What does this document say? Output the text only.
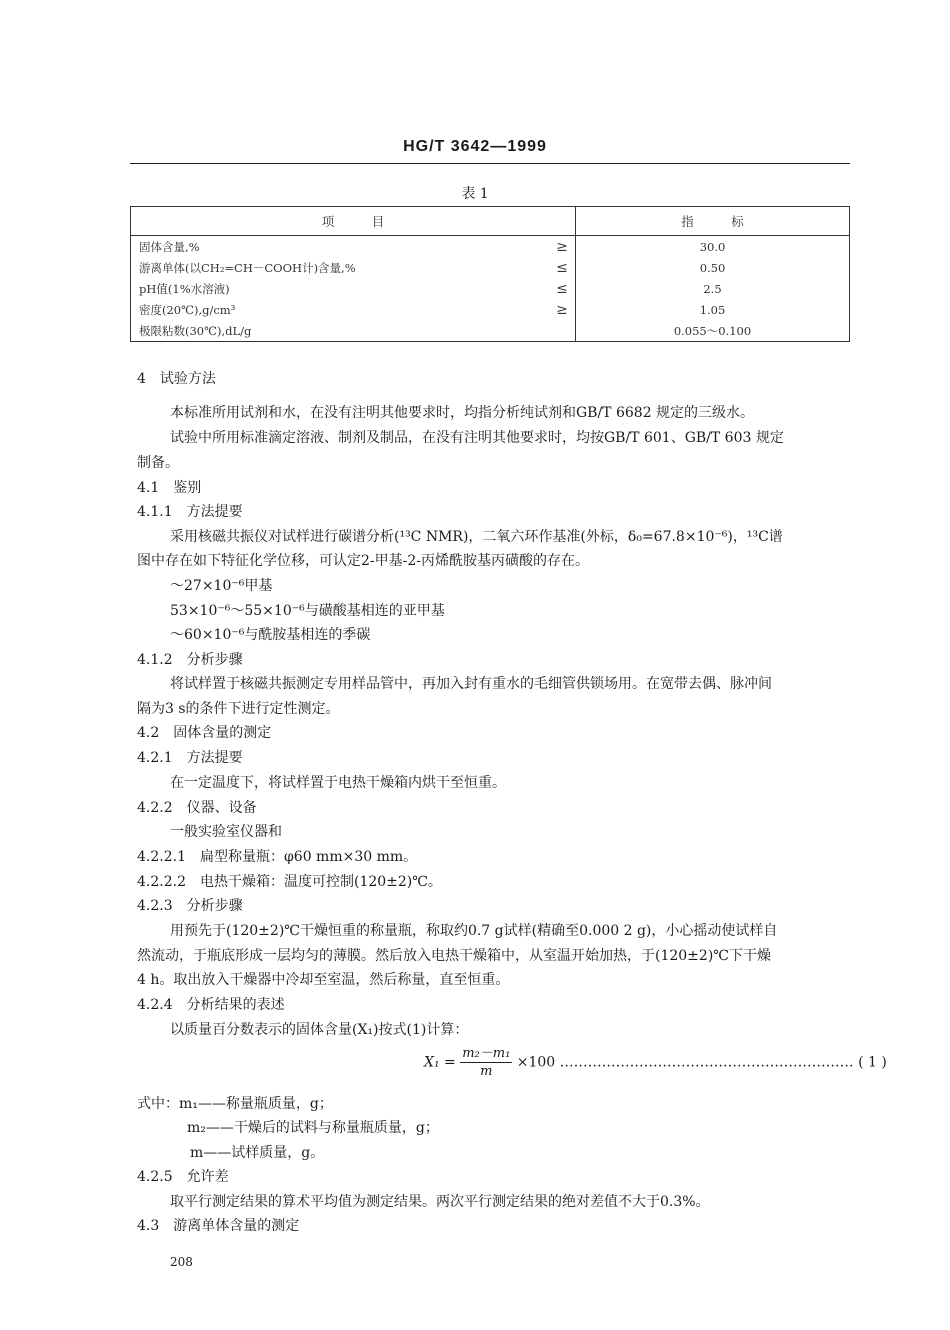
HG/T 3642—1999
表 1
项　　　目		指　　　标
固体含量,%	≥	30.0
游离单体(以CH₂=CH－COOH计)含量,%	≤	0.50
pH值(1%水溶液)	≤	2.5
密度(20℃),g/cm³	≥	1.05
极限粘数(30℃),dL/g		0.055～0.100
4　试验方法
本标准所用试剂和水，在没有注明其他要求时，均指分析纯试剂和GB/T 6682 规定的三级水。
试验中所用标准滴定溶液、制剂及制品，在没有注明其他要求时，均按GB/T 601、GB/T 603 规定
制备。
4.1　鉴别
4.1.1　方法提要
采用核磁共振仪对试样进行碳谱分析(¹³C NMR)，二氧六环作基准(外标，δ₀=67.8×10⁻⁶)，¹³C谱
图中存在如下特征化学位移，可认定2-甲基-2-丙烯酰胺基丙磺酸的存在。
～27×10⁻⁶甲基
53×10⁻⁶～55×10⁻⁶与磺酸基相连的亚甲基
～60×10⁻⁶与酰胺基相连的季碳
4.1.2　分析步骤
将试样置于核磁共振测定专用样品管中，再加入封有重水的毛细管供锁场用。在宽带去偶、脉冲间
隔为3 s的条件下进行定性测定。
4.2　固体含量的测定
4.2.1　方法提要
在一定温度下，将试样置于电热干燥箱内烘干至恒重。
4.2.2　仪器、设备
一般实验室仪器和
4.2.2.1　扁型称量瓶：φ60 mm×30 mm。
4.2.2.2　电热干燥箱：温度可控制(120±2)℃。
4.2.3　分析步骤
用预先于(120±2)℃干燥恒重的称量瓶，称取约0.7 g试样(精确至0.000 2 g)，小心摇动使试样自
然流动，于瓶底形成一层均匀的薄膜。然后放入电热干燥箱中，从室温开始加热，于(120±2)℃下干燥
4 h。取出放入干燥器中冷却至室温，然后称量，直至恒重。
4.2.4　分析结果的表述
以质量百分数表示的固体含量(X₁)按式(1)计算：
$X_1 = \frac{\text{m₂－m₁}}{m} \times 100$ ……………………………………………………… ( 1 )
式中：m₁——称量瓶质量，g；
m₂——干燥后的试料与称量瓶质量，g；
m——试样质量，g。
4.2.5　允许差
取平行测定结果的算术平均值为测定结果。两次平行测定结果的绝对差值不大于0.3%。
4.3　游离单体含量的测定
208
